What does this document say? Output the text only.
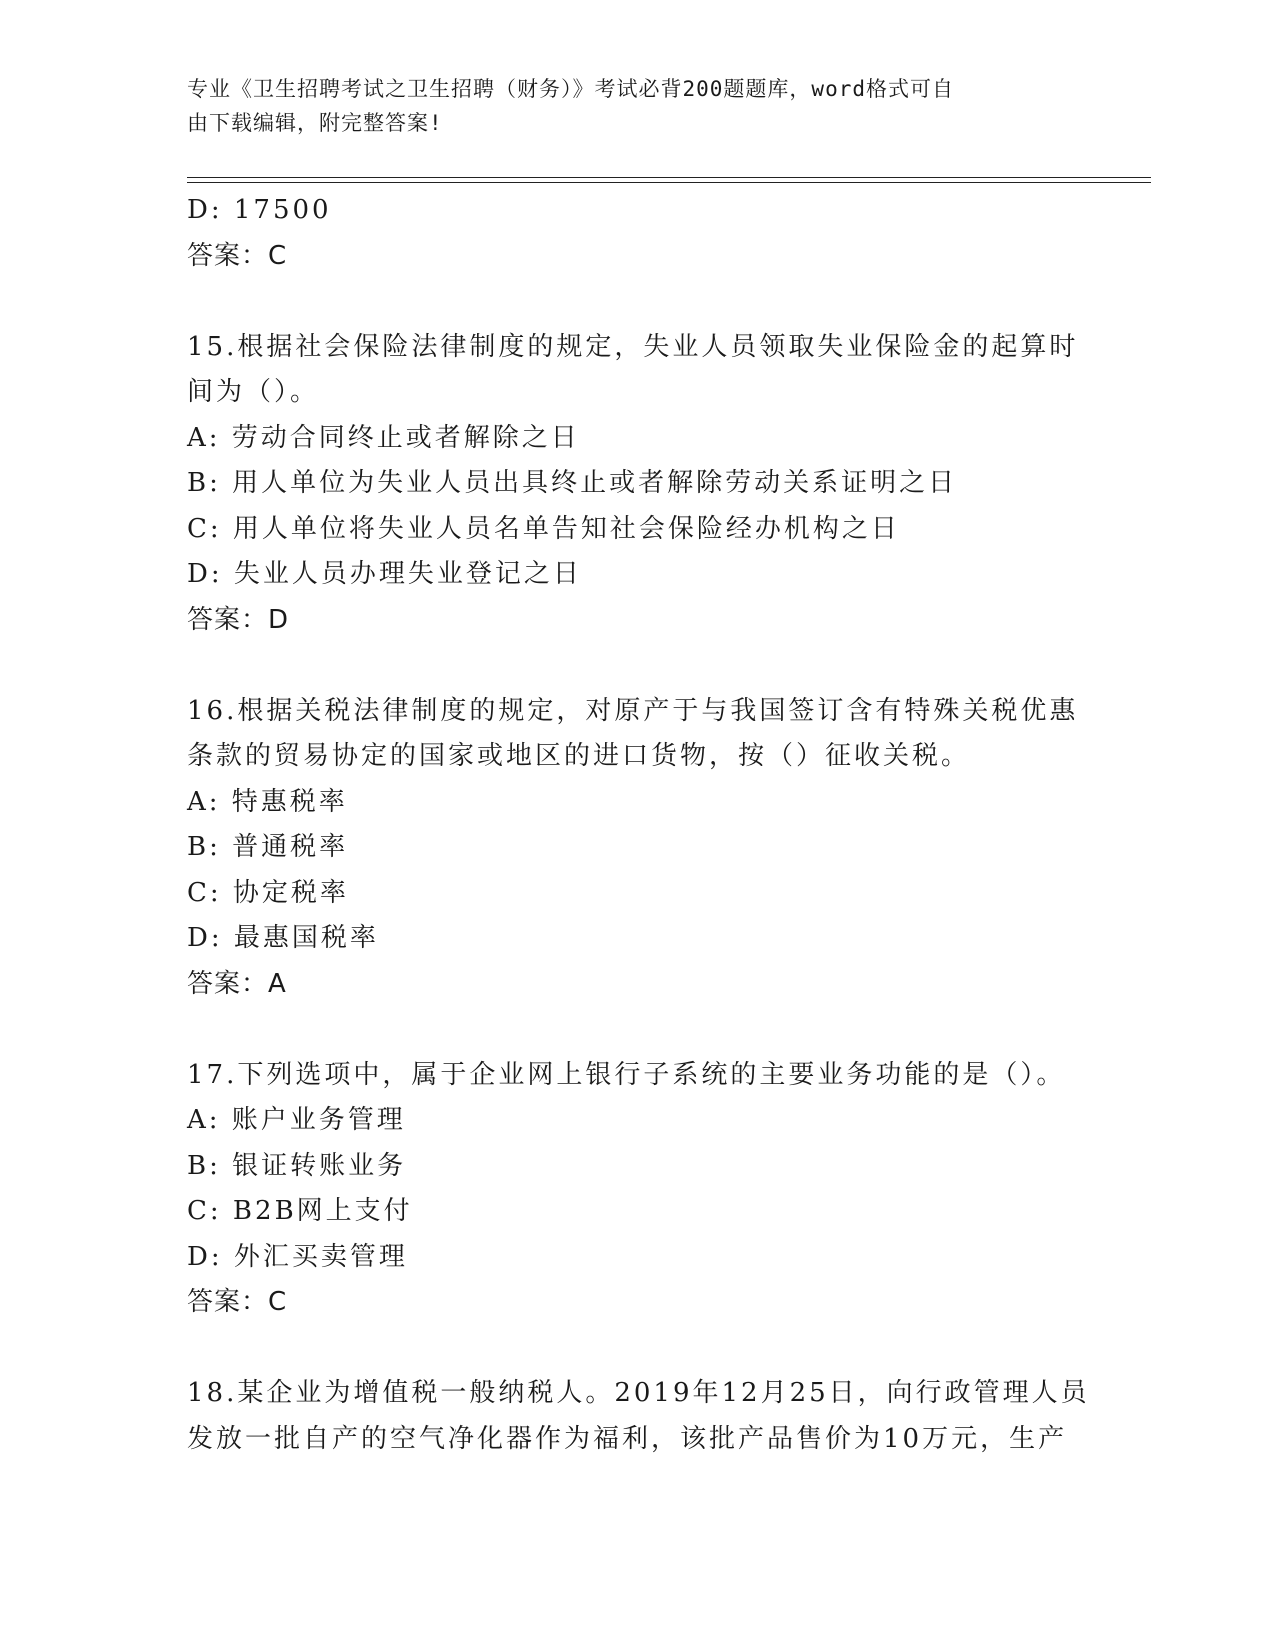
专业《卫生招聘考试之卫生招聘（财务）》考试必背200题题库，word格式可自
由下载编辑，附完整答案!
D: 17500
答案：C
15.根据社会保险法律制度的规定，失业人员领取失业保险金的起算时
间为（）。
A: 劳动合同终止或者解除之日
B: 用人单位为失业人员出具终止或者解除劳动关系证明之日
C: 用人单位将失业人员名单告知社会保险经办机构之日
D: 失业人员办理失业登记之日
答案：D
16.根据关税法律制度的规定，对原产于与我国签订含有特殊关税优惠
条款的贸易协定的国家或地区的进口货物，按（）征收关税。
A: 特惠税率
B: 普通税率
C: 协定税率
D: 最惠国税率
答案：A
17.下列选项中，属于企业网上银行子系统的主要业务功能的是（）。
A: 账户业务管理
B: 银证转账业务
C: B2B网上支付
D: 外汇买卖管理
答案：C
18.某企业为增值税一般纳税人。2019年12月25日，向行政管理人员
发放一批自产的空气净化器作为福利，该批产品售价为10万元，生产
